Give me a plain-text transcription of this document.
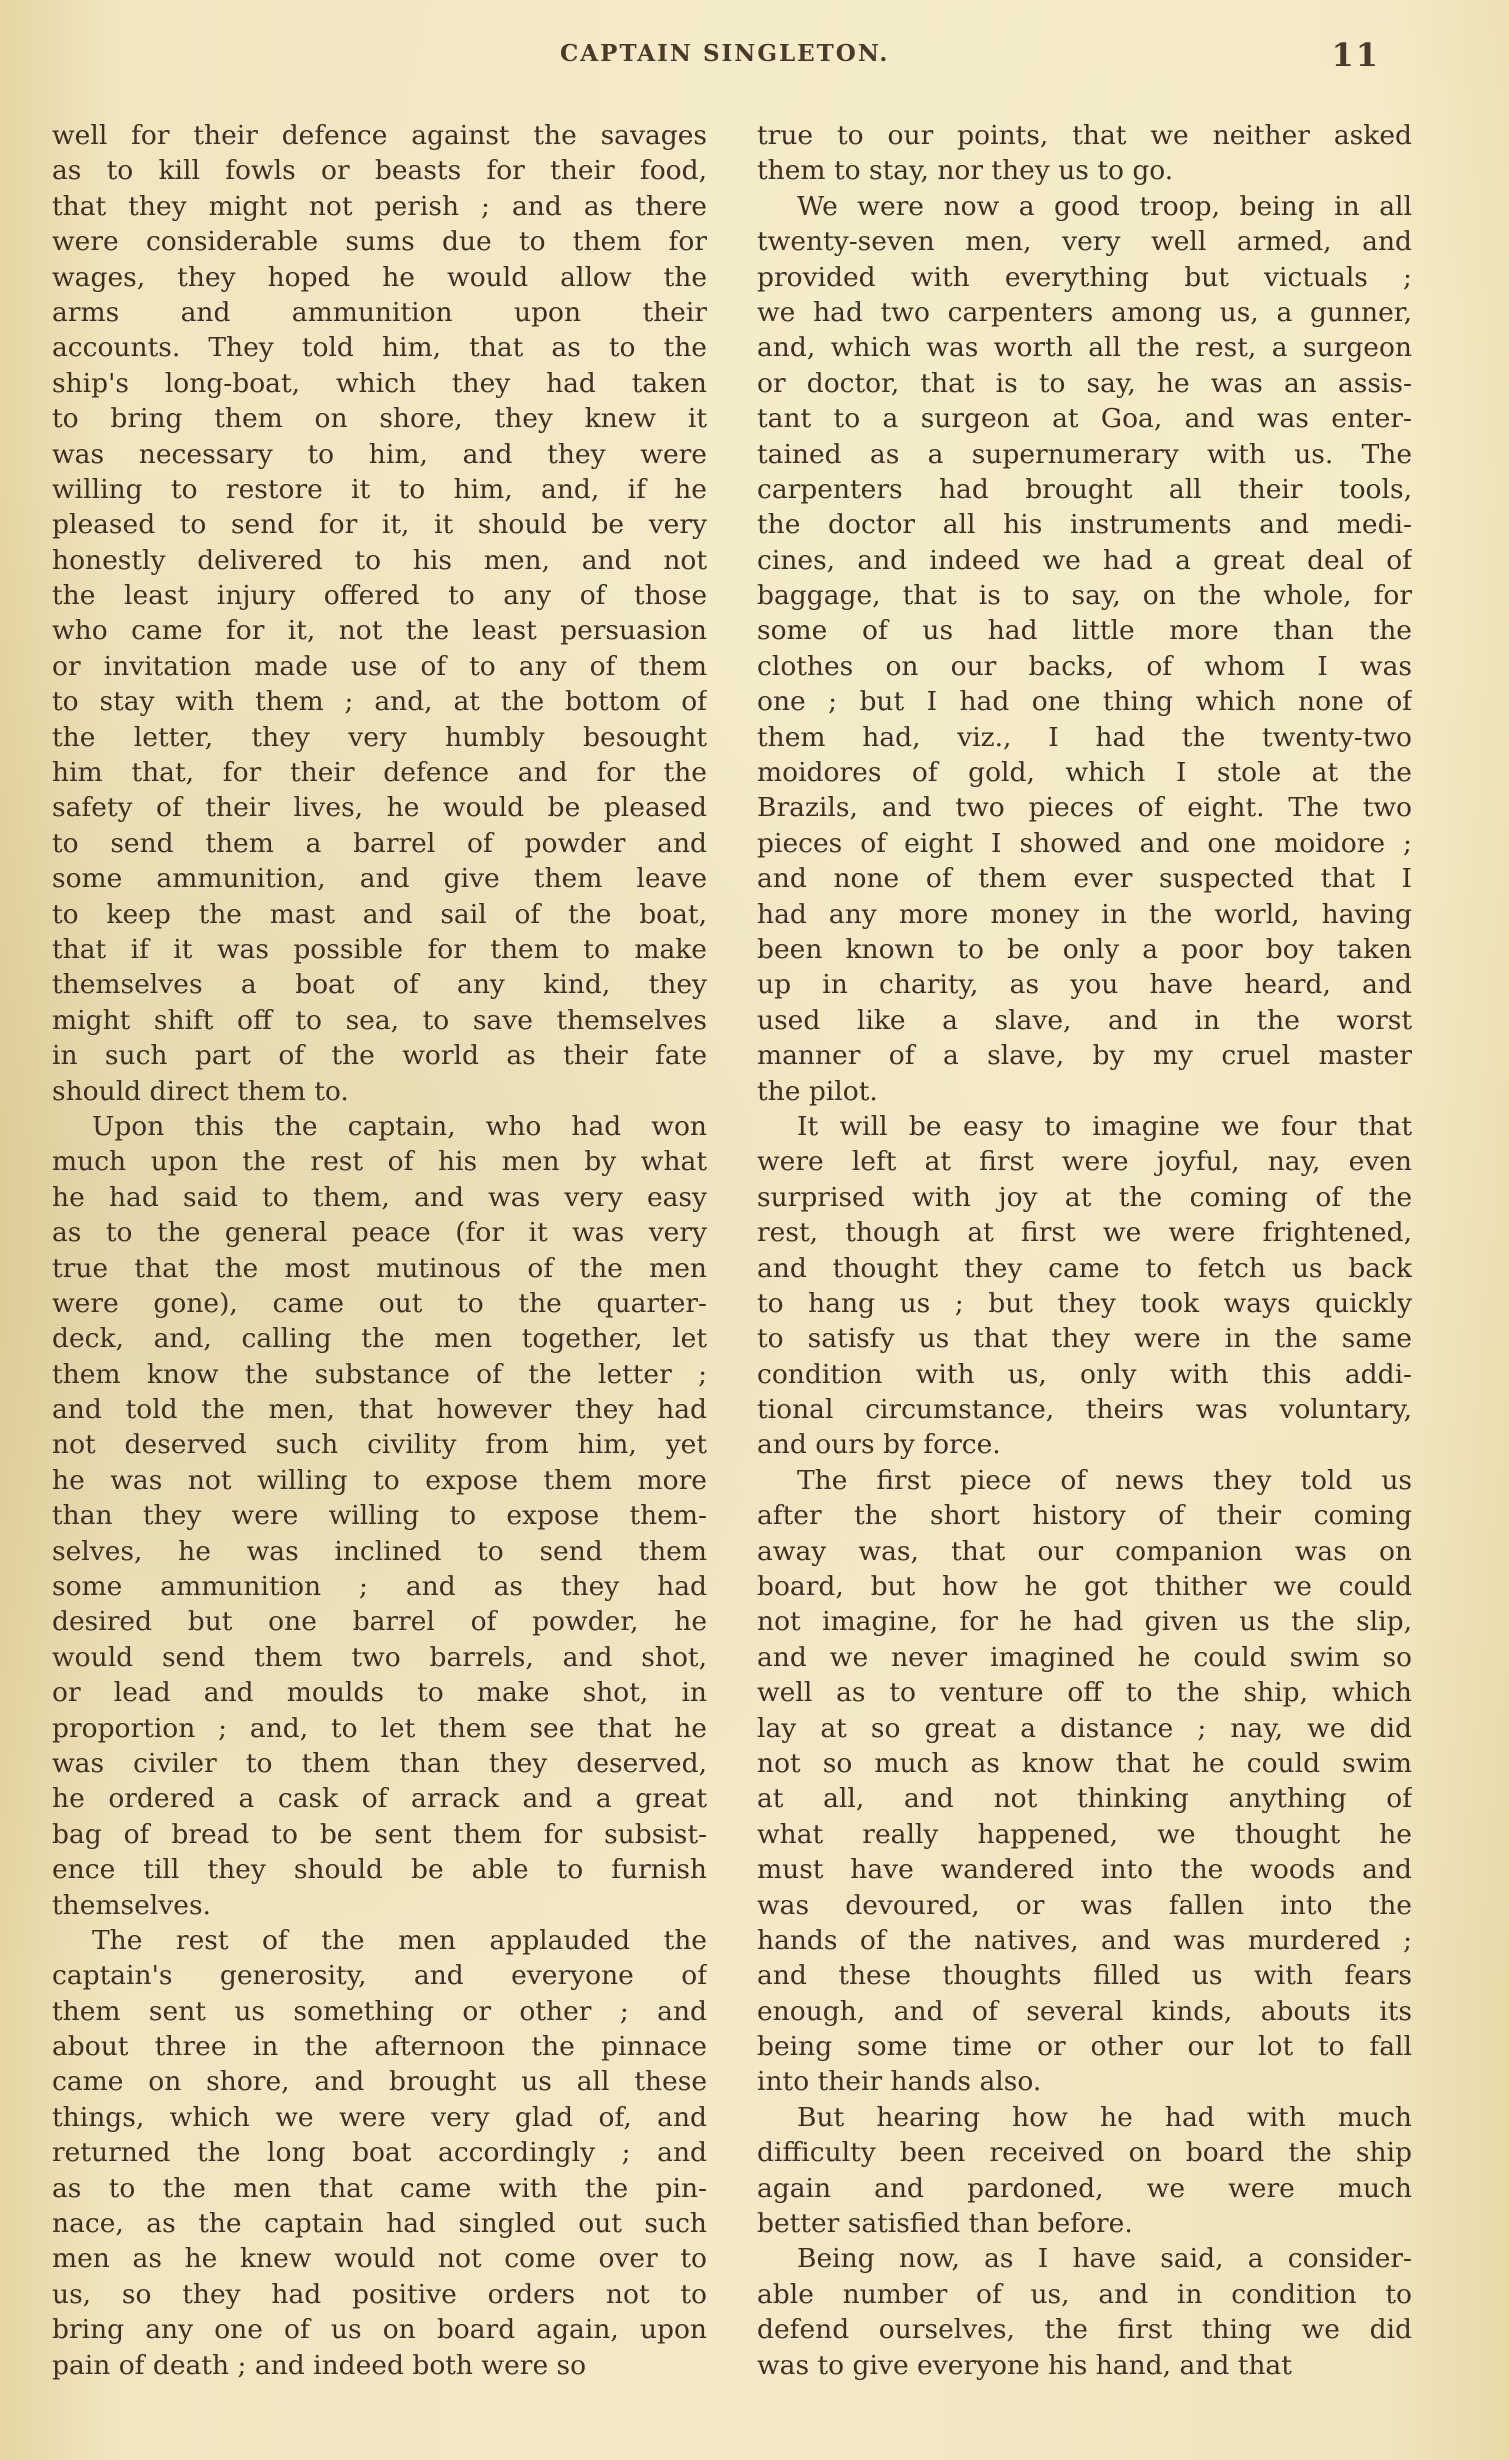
CAPTAIN SINGLETON.	11
well for their defence against the savages
as to kill fowls or beasts for their food,
that they might not perish ; and as there
were considerable sums due to them for
wages, they hoped he would allow the
arms and ammunition upon their
accounts. They told him, that as to the
ship's long-boat, which they had taken
to bring them on shore, they knew it
was necessary to him, and they were
willing to restore it to him, and, if he
pleased to send for it, it should be very
honestly delivered to his men, and not
the least injury offered to any of those
who came for it, not the least persuasion
or invitation made use of to any of them
to stay with them ; and, at the bottom of
the letter, they very humbly besought
him that, for their defence and for the
safety of their lives, he would be pleased
to send them a barrel of powder and
some ammunition, and give them leave
to keep the mast and sail of the boat,
that if it was possible for them to make
themselves a boat of any kind, they
might shift off to sea, to save themselves
in such part of the world as their fate
should direct them to.
Upon this the captain, who had won
much upon the rest of his men by what
he had said to them, and was very easy
as to the general peace (for it was very
true that the most mutinous of the men
were gone), came out to the quarter-
deck, and, calling the men together, let
them know the substance of the letter ;
and told the men, that however they had
not deserved such civility from him, yet
he was not willing to expose them more
than they were willing to expose them-
selves, he was inclined to send them
some ammunition ; and as they had
desired but one barrel of powder, he
would send them two barrels, and shot,
or lead and moulds to make shot, in
proportion ; and, to let them see that he
was civiler to them than they deserved,
he ordered a cask of arrack and a great
bag of bread to be sent them for subsist-
ence till they should be able to furnish
themselves.
The rest of the men applauded the
captain's generosity, and everyone of
them sent us something or other ; and
about three in the afternoon the pinnace
came on shore, and brought us all these
things, which we were very glad of, and
returned the long boat accordingly ; and
as to the men that came with the pin-
nace, as the captain had singled out such
men as he knew would not come over to
us, so they had positive orders not to
bring any one of us on board again, upon
pain of death ; and indeed both were so
true to our points, that we neither asked
them to stay, nor they us to go.
We were now a good troop, being in all
twenty-seven men, very well armed, and
provided with everything but victuals ;
we had two carpenters among us, a gunner,
and, which was worth all the rest, a surgeon
or doctor, that is to say, he was an assis-
tant to a surgeon at Goa, and was enter-
tained as a supernumerary with us. The
carpenters had brought all their tools,
the doctor all his instruments and medi-
cines, and indeed we had a great deal of
baggage, that is to say, on the whole, for
some of us had little more than the
clothes on our backs, of whom I was
one ; but I had one thing which none of
them had, viz., I had the twenty-two
moidores of gold, which I stole at the
Brazils, and two pieces of eight. The two
pieces of eight I showed and one moidore ;
and none of them ever suspected that I
had any more money in the world, having
been known to be only a poor boy taken
up in charity, as you have heard, and
used like a slave, and in the worst
manner of a slave, by my cruel master
the pilot.
It will be easy to imagine we four that
were left at first were joyful, nay, even
surprised with joy at the coming of the
rest, though at first we were frightened,
and thought they came to fetch us back
to hang us ; but they took ways quickly
to satisfy us that they were in the same
condition with us, only with this addi-
tional circumstance, theirs was voluntary,
and ours by force.
The first piece of news they told us
after the short history of their coming
away was, that our companion was on
board, but how he got thither we could
not imagine, for he had given us the slip,
and we never imagined he could swim so
well as to venture off to the ship, which
lay at so great a distance ; nay, we did
not so much as know that he could swim
at all, and not thinking anything of
what really happened, we thought he
must have wandered into the woods and
was devoured, or was fallen into the
hands of the natives, and was murdered ;
and these thoughts filled us with fears
enough, and of several kinds, abouts its
being some time or other our lot to fall
into their hands also.
But hearing how he had with much
difficulty been received on board the ship
again and pardoned, we were much
better satisfied than before.
Being now, as I have said, a consider-
able number of us, and in condition to
defend ourselves, the first thing we did
was to give everyone his hand, and that
